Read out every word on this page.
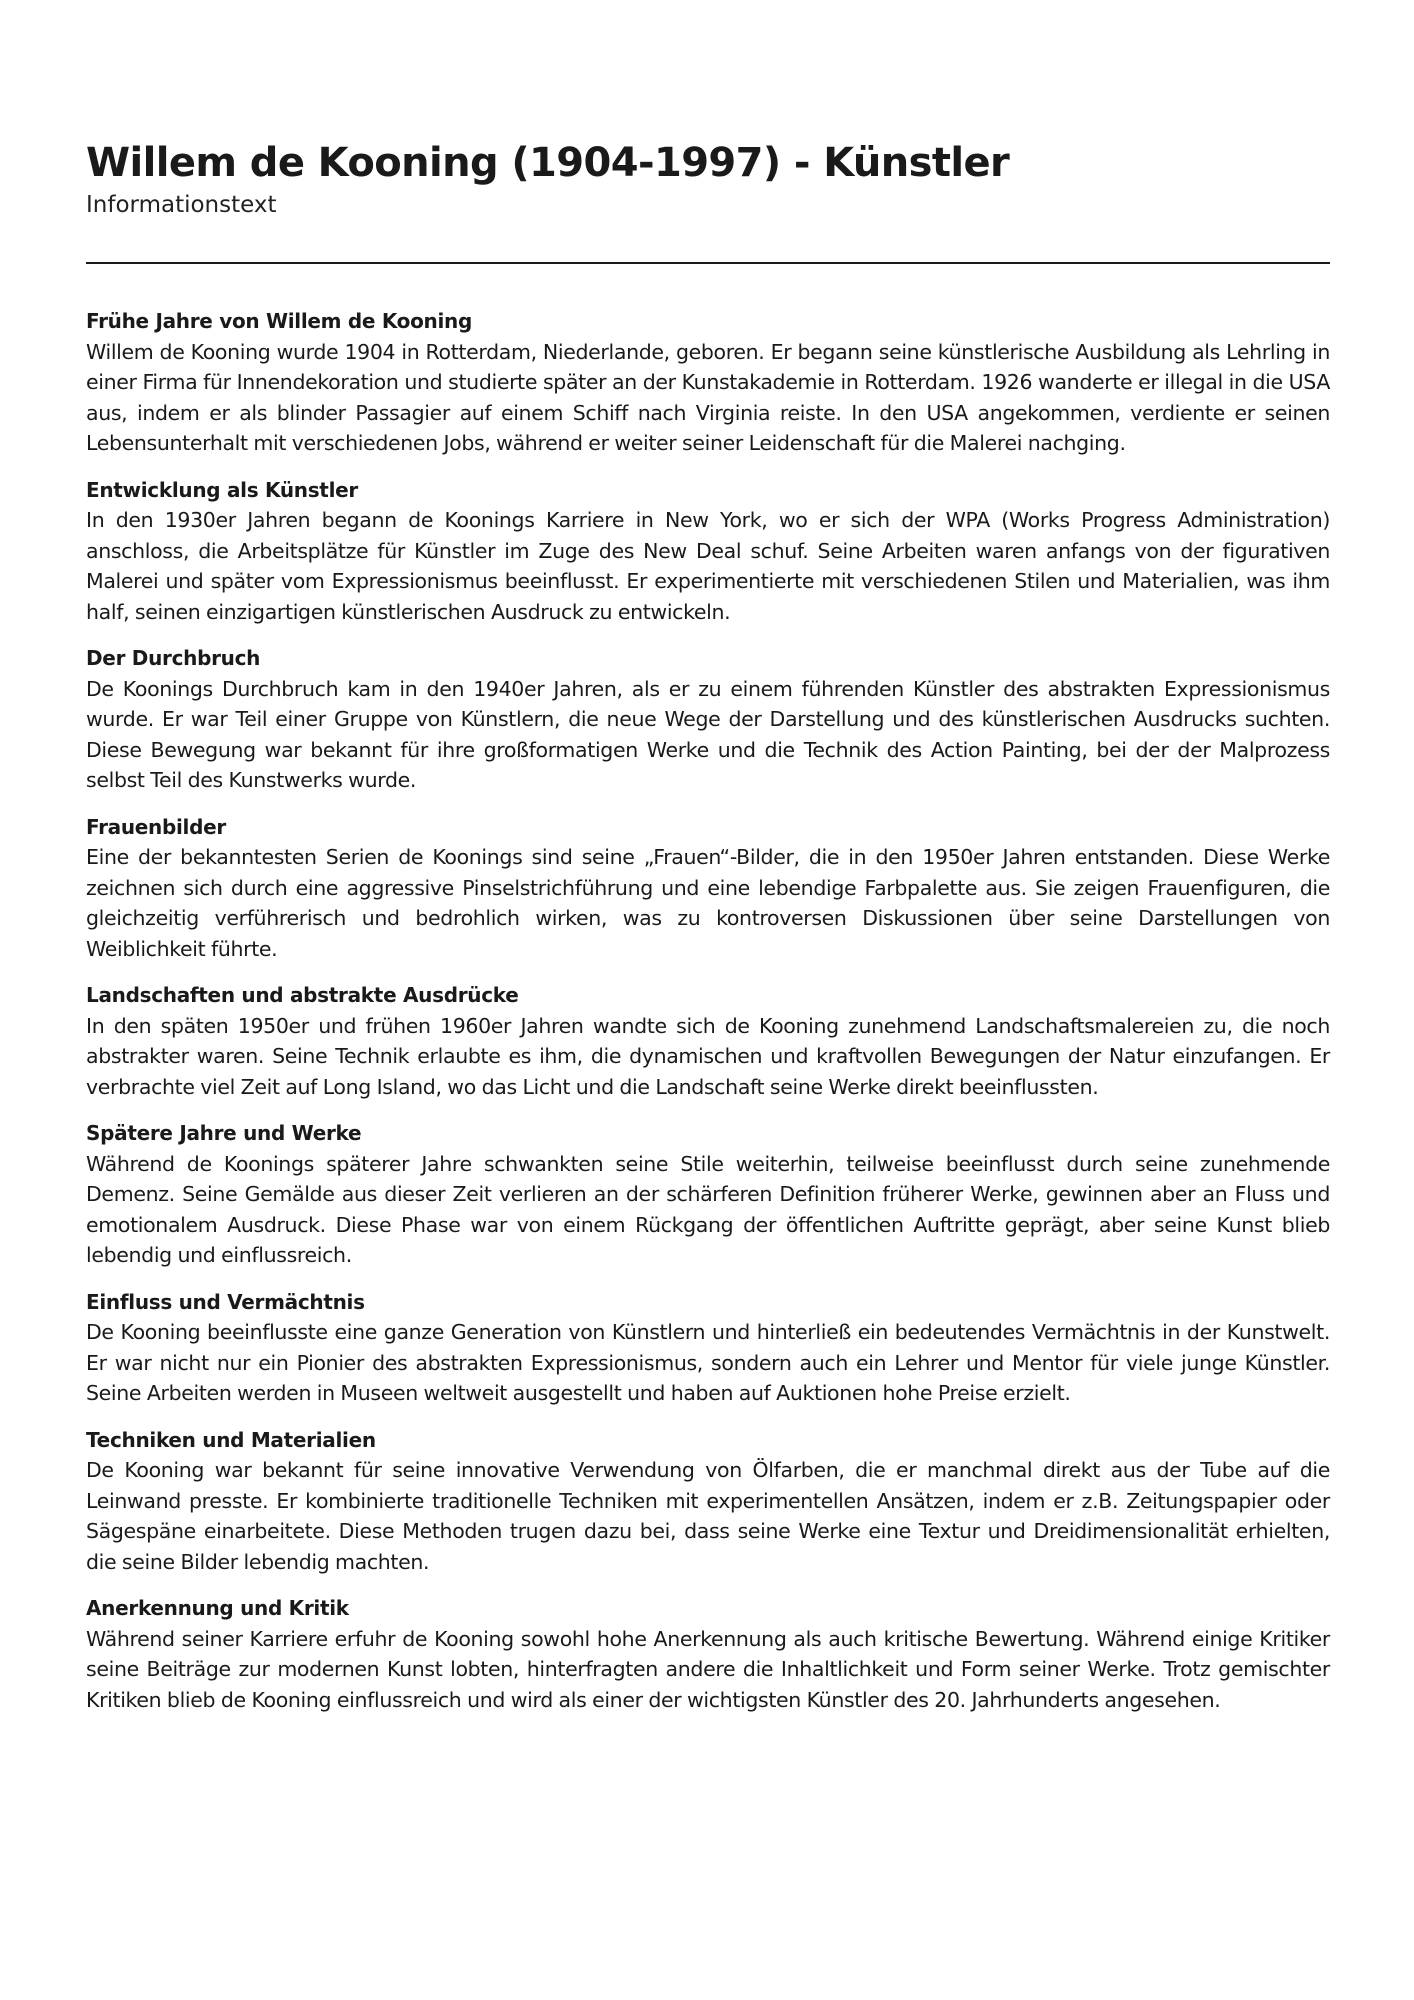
Willem de Kooning (1904-1997) - Künstler
Informationstext

Frühe Jahre von Willem de Kooning

Willem de Kooning wurde 1904 in Rotterdam, Niederlande, geboren. Er begann seine künstlerische Ausbildung als Lehrling in einer Firma für Innendekoration und studierte später an der Kunstakademie in Rotterdam. 1926 wanderte er illegal in die USA aus, indem er als blinder Passagier auf einem Schiff nach Virginia reiste. In den USA angekommen, verdiente er seinen Lebensunterhalt mit verschiedenen Jobs, während er weiter seiner Leidenschaft für die Malerei nachging.

Entwicklung als Künstler

In den 1930er Jahren begann de Koonings Karriere in New York, wo er sich der WPA (Works Progress Administration) anschloss, die Arbeitsplätze für Künstler im Zuge des New Deal schuf. Seine Arbeiten waren anfangs von der figurativen Malerei und später vom Expressionismus beeinflusst. Er experimentierte mit verschiedenen Stilen und Materialien, was ihm half, seinen einzigartigen künstlerischen Ausdruck zu entwickeln.

Der Durchbruch

De Koonings Durchbruch kam in den 1940er Jahren, als er zu einem führenden Künstler des abstrakten Expressionismus wurde. Er war Teil einer Gruppe von Künstlern, die neue Wege der Darstellung und des künstlerischen Ausdrucks suchten. Diese Bewegung war bekannt für ihre großformatigen Werke und die Technik des Action Painting, bei der der Malprozess selbst Teil des Kunstwerks wurde.

Frauenbilder

Eine der bekanntesten Serien de Koonings sind seine „Frauen“-Bilder, die in den 1950er Jahren entstanden. Diese Werke zeichnen sich durch eine aggressive Pinselstrichführung und eine lebendige Farbpalette aus. Sie zeigen Frauenfiguren, die gleichzeitig verführerisch und bedrohlich wirken, was zu kontroversen Diskussionen über seine Darstellungen von Weiblichkeit führte.

Landschaften und abstrakte Ausdrücke

In den späten 1950er und frühen 1960er Jahren wandte sich de Kooning zunehmend Landschaftsmalereien zu, die noch abstrakter waren. Seine Technik erlaubte es ihm, die dynamischen und kraftvollen Bewegungen der Natur einzufangen. Er verbrachte viel Zeit auf Long Island, wo das Licht und die Landschaft seine Werke direkt beeinflussten.

Spätere Jahre und Werke

Während de Koonings späterer Jahre schwankten seine Stile weiterhin, teilweise beeinflusst durch seine zunehmende Demenz. Seine Gemälde aus dieser Zeit verlieren an der schärferen Definition früherer Werke, gewinnen aber an Fluss und emotionalem Ausdruck. Diese Phase war von einem Rückgang der öffentlichen Auftritte geprägt, aber seine Kunst blieb lebendig und einflussreich.

Einfluss und Vermächtnis

De Kooning beeinflusste eine ganze Generation von Künstlern und hinterließ ein bedeutendes Vermächtnis in der Kunstwelt. Er war nicht nur ein Pionier des abstrakten Expressionismus, sondern auch ein Lehrer und Mentor für viele junge Künstler. Seine Arbeiten werden in Museen weltweit ausgestellt und haben auf Auktionen hohe Preise erzielt.

Techniken und Materialien

De Kooning war bekannt für seine innovative Verwendung von Ölfarben, die er manchmal direkt aus der Tube auf die Leinwand presste. Er kombinierte traditionelle Techniken mit experimentellen Ansätzen, indem er z.B. Zeitungspapier oder Sägespäne einarbeitete. Diese Methoden trugen dazu bei, dass seine Werke eine Textur und Dreidimensionalität erhielten, die seine Bilder lebendig machten.

Anerkennung und Kritik

Während seiner Karriere erfuhr de Kooning sowohl hohe Anerkennung als auch kritische Bewertung. Während einige Kritiker seine Beiträge zur modernen Kunst lobten, hinterfragten andere die Inhaltlichkeit und Form seiner Werke. Trotz gemischter Kritiken blieb de Kooning einflussreich und wird als einer der wichtigsten Künstler des 20. Jahrhunderts angesehen.
